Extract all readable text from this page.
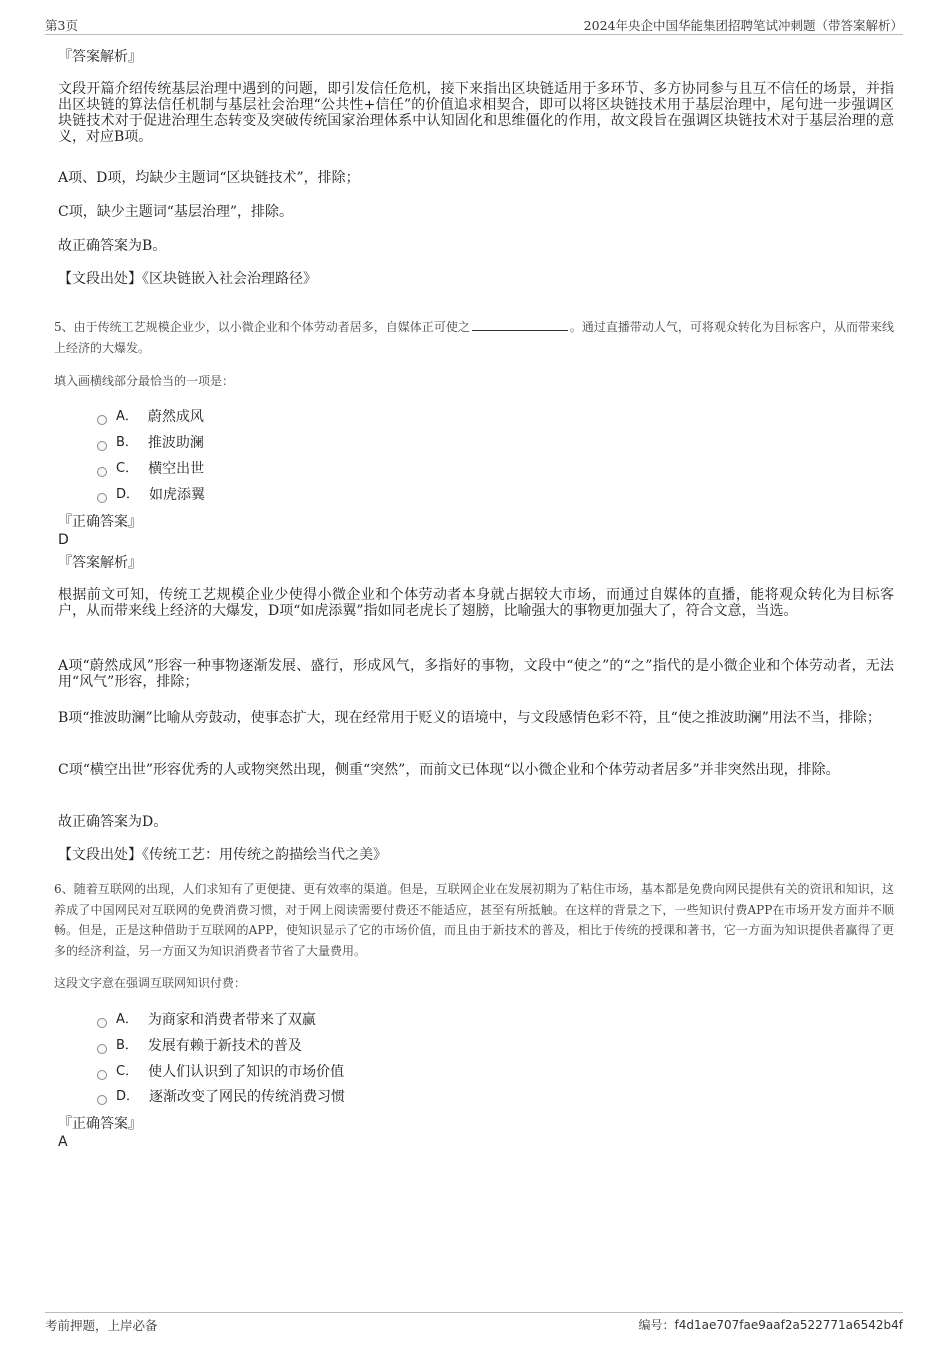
第3页	2024年央企中国华能集团招聘笔试冲刺题（带答案解析）
『答案解析』
文段开篇介绍传统基层治理中遇到的问题，即引发信任危机，接下来指出区块链适用于多环节、多方协同参与且互不信任的场景，并指出区块链的算法信任机制与基层社会治理“公共性+信任”的价值追求相契合，即可以将区块链技术用于基层治理中，尾句进一步强调区块链技术对于促进治理生态转变及突破传统国家治理体系中认知固化和思维僵化的作用，故文段旨在强调区块链技术对于基层治理的意义，对应B项。
A项、D项，均缺少主题词“区块链技术”，排除；
C项，缺少主题词“基层治理”，排除。
故正确答案为B。
【文段出处】《区块链嵌入社会治理路径》
5、由于传统工艺规模企业少，以小微企业和个体劳动者居多，自媒体正可使之	。通过直播带动人气，可将观众转化为目标客户，从而带来线上经济的大爆发。
填入画横线部分最恰当的一项是：
A． 蔚然成风
B． 推波助澜
C． 横空出世
D． 如虎添翼
『正确答案』
D
『答案解析』
根据前文可知，传统工艺规模企业少使得小微企业和个体劳动者本身就占据较大市场，而通过自媒体的直播，能将观众转化为目标客户，从而带来线上经济的大爆发，D项“如虎添翼”指如同老虎长了翅膀，比喻强大的事物更加强大了，符合文意，当选。
A项“蔚然成风”形容一种事物逐渐发展、盛行，形成风气，多指好的事物，文段中“使之”的“之”指代的是小微企业和个体劳动者，无法用“风气”形容，排除；
B项“推波助澜”比喻从旁鼓动，使事态扩大，现在经常用于贬义的语境中，与文段感情色彩不符，且“使之推波助澜”用法不当，排除；
C项“横空出世”形容优秀的人或物突然出现，侧重“突然”，而前文已体现“以小微企业和个体劳动者居多”并非突然出现，排除。
故正确答案为D。
【文段出处】《传统工艺：用传统之韵描绘当代之美》
6、随着互联网的出现，人们求知有了更便捷、更有效率的渠道。但是，互联网企业在发展初期为了粘住市场，基本都是免费向网民提供有关的资讯和知识，这养成了中国网民对互联网的免费消费习惯，对于网上阅读需要付费还不能适应，甚至有所抵触。在这样的背景之下，一些知识付费APP在市场开发方面并不顺畅。但是，正是这种借助于互联网的APP，使知识显示了它的市场价值，而且由于新技术的普及，相比于传统的授课和著书，它一方面为知识提供者赢得了更多的经济利益，另一方面又为知识消费者节省了大量费用。
这段文字意在强调互联网知识付费：
A． 为商家和消费者带来了双赢
B． 发展有赖于新技术的普及
C． 使人们认识到了知识的市场价值
D． 逐渐改变了网民的传统消费习惯
『正确答案』
A
考前押题，上岸必备	编号：f4d1ae707fae9aaf2a522771a6542b4f
